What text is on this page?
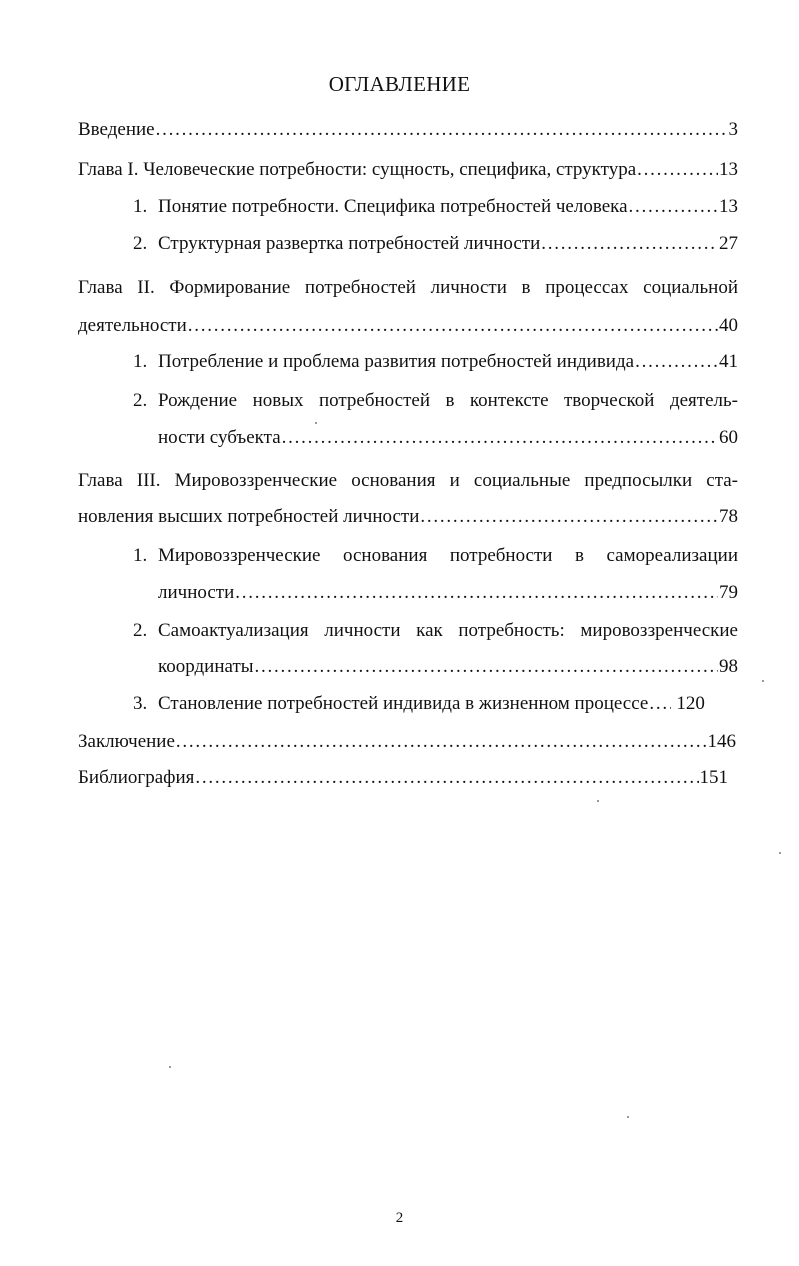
ОГЛАВЛЕНИЕ
Введение . . .	3
Глава I. Человеческие потребности: сущность, специфика, структура . . .	13
1. Понятие потребности. Специфика потребностей человека . . .	13
2. Структурная развертка потребностей личности . . .	27
Глава II. Формирование потребностей личности в процессах социальной
деятельности . . .	40
1. Потребление и проблема развития потребностей индивида . . .	41
2. Рождение новых потребностей в контексте творческой деятель-
ности субъекта . . .	60
Глава III. Мировоззренческие основания и социальные предпосылки ста-
новления высших потребностей личности . . .	78
1. Мировоззренческие основания потребности в самореализации
личности . . .	79
2. Самоактуализация личности как потребность: мировоззренческие
координаты . . .	98
3. Становление потребностей индивида в жизненном процессе . . . 120
Заключение . . .	146
Библиография . . .	151
2
